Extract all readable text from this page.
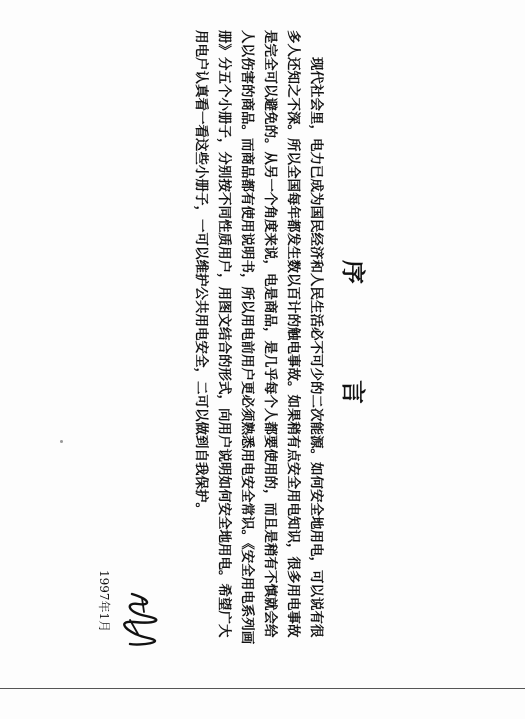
序　言

现代社会里，电力已成为国民经济和人民生活必不可少的二次能源。如何安全地用电，可以说有很多人还知之不深。所以全国每年都发生数以百计的触电事故。如果稍有点安全用电知识，很多用电事故是完全可以避免的。从另一个角度来说，电是商品，是几乎每个人都要使用的，而且是稍有不慎就会给人以伤害的商品。而商品都有使用说明书，所以用电前用户更必须熟悉用电安全常识。《安全用电系列画册》分五个小册子，分别按不同性质用户，用图文结合的形式，向用户说明如何安全地用电。希望广大用电户认真看一看这些小册子，一可以维护公共用电安全，二可以做到自我保护。

1997年1月
